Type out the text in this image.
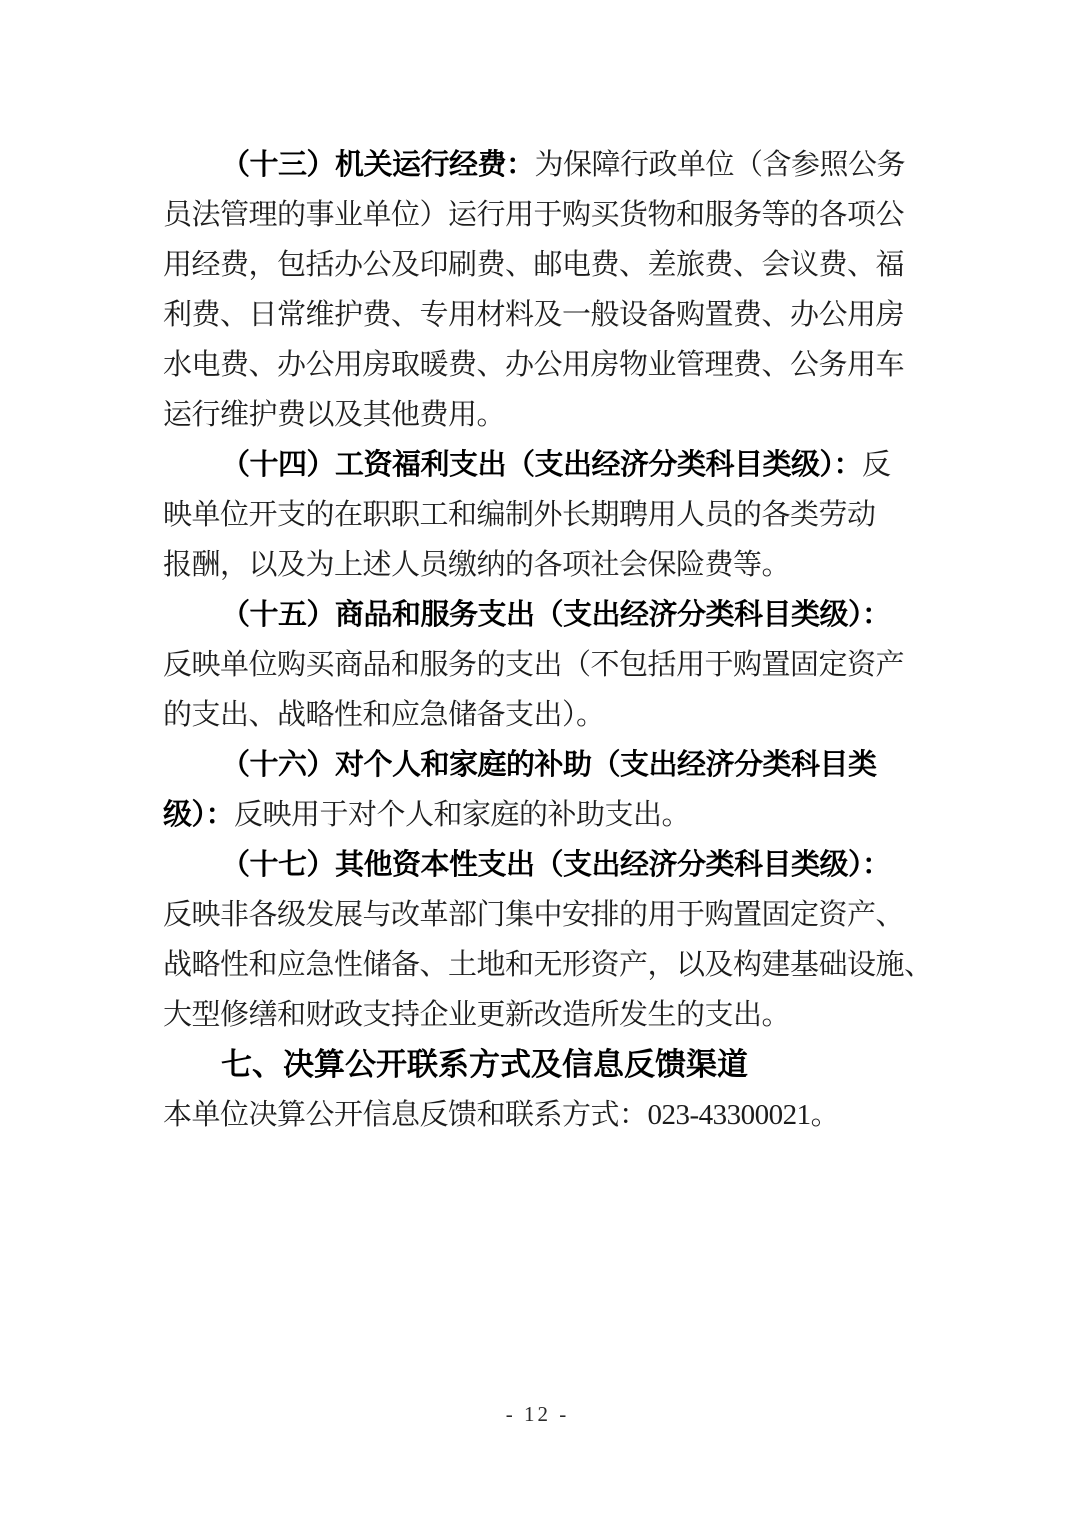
（十三）机关运行经费：为保障行政单位（含参照公务
员法管理的事业单位）运行用于购买货物和服务等的各项公
用经费，包括办公及印刷费、邮电费、差旅费、会议费、福
利费、日常维护费、专用材料及一般设备购置费、办公用房
水电费、办公用房取暖费、办公用房物业管理费、公务用车
运行维护费以及其他费用。
（十四）工资福利支出（支出经济分类科目类级）：反
映单位开支的在职职工和编制外长期聘用人员的各类劳动
报酬，以及为上述人员缴纳的各项社会保险费等。
（十五）商品和服务支出（支出经济分类科目类级）：
反映单位购买商品和服务的支出（不包括用于购置固定资产
的支出、战略性和应急储备支出）。
（十六）对个人和家庭的补助（支出经济分类科目类
级）：反映用于对个人和家庭的补助支出。
（十七）其他资本性支出（支出经济分类科目类级）：
反映非各级发展与改革部门集中安排的用于购置固定资产、
战略性和应急性储备、土地和无形资产，以及构建基础设施、
大型修缮和财政支持企业更新改造所发生的支出。
七、决算公开联系方式及信息反馈渠道
本单位决算公开信息反馈和联系方式：023-43300021。
- 12 -
